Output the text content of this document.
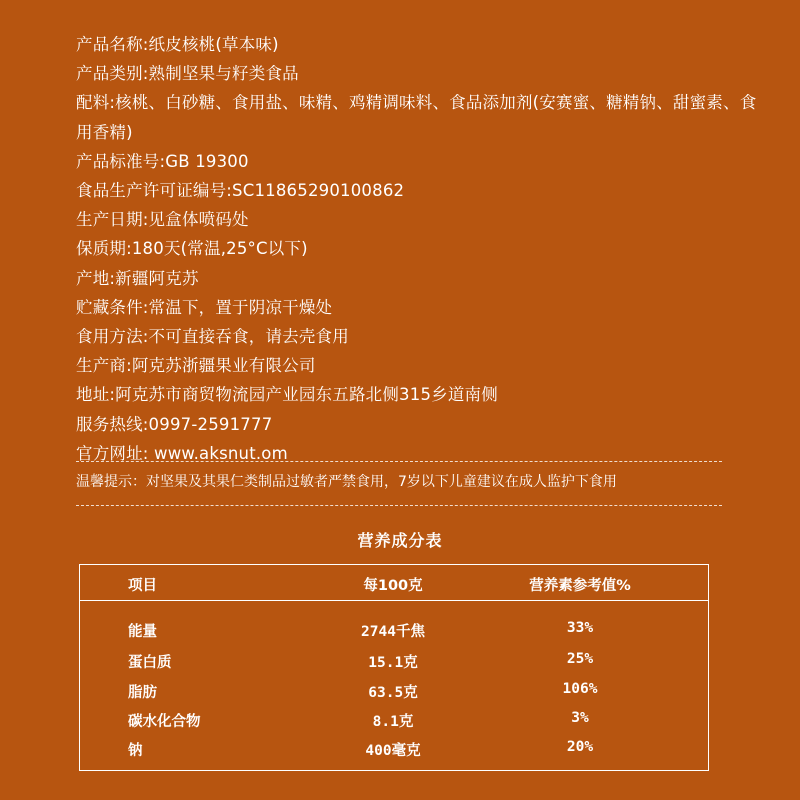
产品名称:纸皮核桃(草本味)
产品类别:熟制坚果与籽类食品
配料:核桃、白砂糖、食用盐、味精、鸡精调味料、食品添加剂(安赛蜜、糖精钠、甜蜜素、食用香精)
产品标准号:GB 19300
食品生产许可证编号:SC11865290100862
生产日期:见盒体喷码处
保质期:180天(常温,25°C以下)
产地:新疆阿克苏
贮藏条件:常温下，置于阴凉干燥处
食用方法:不可直接吞食，请去壳食用
生产商:阿克苏浙疆果业有限公司
地址:阿克苏市商贸物流园产业园东五路北侧315乡道南侧
服务热线:0997-2591777
官方网址: www.aksnut.om
温馨提示：对坚果及其果仁类制品过敏者严禁食用，7岁以下儿童建议在成人监护下食用
营养成分表
项目	每100克	营养素参考值%
能量	2744千焦	33%
蛋白质	15.1克	25%
脂肪	63.5克	106%
碳水化合物	8.1克	3%
钠	400毫克	20%
